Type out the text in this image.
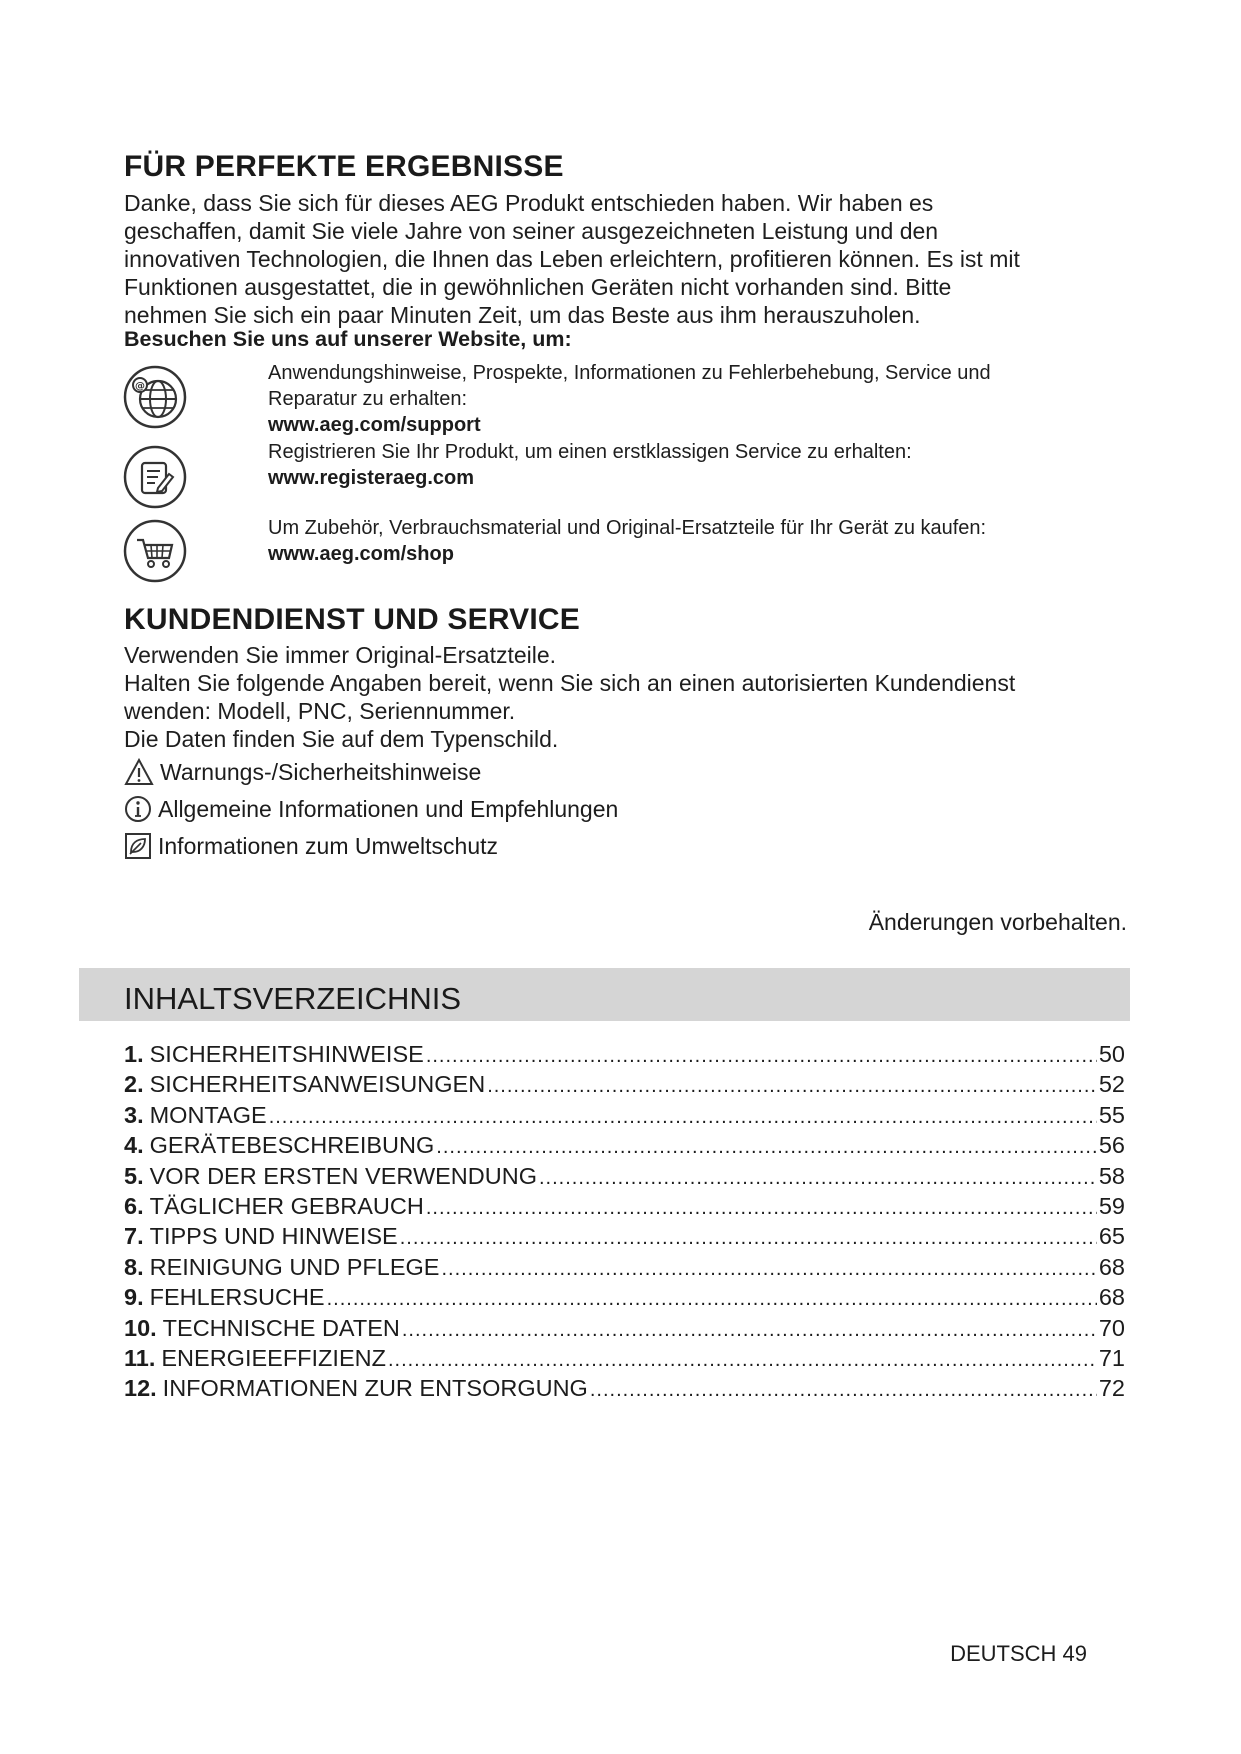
FÜR PERFEKTE ERGEBNISSE
Danke, dass Sie sich für dieses AEG Produkt entschieden haben. Wir haben es
geschaffen, damit Sie viele Jahre von seiner ausgezeichneten Leistung und den
innovativen Technologien, die Ihnen das Leben erleichtern, profitieren können. Es ist mit
Funktionen ausgestattet, die in gewöhnlichen Geräten nicht vorhanden sind. Bitte
nehmen Sie sich ein paar Minuten Zeit, um das Beste aus ihm herauszuholen.
Besuchen Sie uns auf unserer Website, um:
@
Anwendungshinweise, Prospekte, Informationen zu Fehlerbehebung, Service und
Reparatur zu erhalten:
www.aeg.com/support
Registrieren Sie Ihr Produkt, um einen erstklassigen Service zu erhalten:
www.registeraeg.com
Um Zubehör, Verbrauchsmaterial und Original-Ersatzteile für Ihr Gerät zu kaufen:
www.aeg.com/shop
KUNDENDIENST UND SERVICE
Verwenden Sie immer Original-Ersatzteile.
Halten Sie folgende Angaben bereit, wenn Sie sich an einen autorisierten Kundendienst
wenden: Modell, PNC, Seriennummer.
Die Daten finden Sie auf dem Typenschild.
Warnungs-/Sicherheitshinweise
Allgemeine Informationen und Empfehlungen
Informationen zum Umweltschutz
Änderungen vorbehalten.
INHALTSVERZEICHNIS
1. SICHERHEITSHINWEISE .....	50
2. SICHERHEITSANWEISUNGEN .....	52
3. MONTAGE .....	55
4. GERÄTEBESCHREIBUNG .....	56
5. VOR DER ERSTEN VERWENDUNG .....	58
6. TÄGLICHER GEBRAUCH .....	59
7. TIPPS UND HINWEISE .....	65
8. REINIGUNG UND PFLEGE .....	68
9. FEHLERSUCHE .....	68
10. TECHNISCHE DATEN .....	70
11. ENERGIEEFFIZIENZ .....	71
12. INFORMATIONEN ZUR ENTSORGUNG .....	72
DEUTSCH 49
